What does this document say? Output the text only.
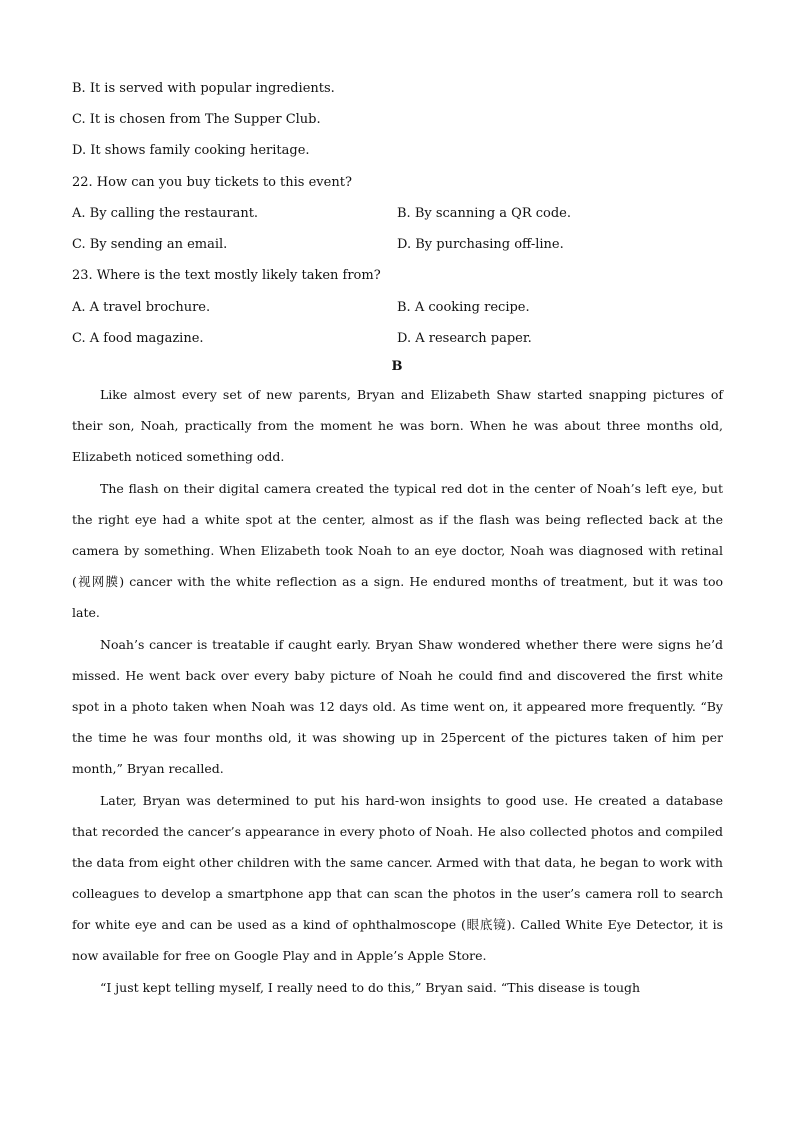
B. It is served with popular ingredients.
C. It is chosen from The Supper Club.
D. It shows family cooking heritage.
22. How can you buy tickets to this event?
A. By calling the restaurant.	B. By scanning a QR code.
C. By sending an email.	D. By purchasing off-line.
23. Where is the text mostly likely taken from?
A. A travel brochure.	B. A cooking recipe.
C. A food magazine.	D. A research paper.
B

Like almost every set of new parents, Bryan and Elizabeth Shaw started snapping pictures of their son, Noah, practically from the moment he was born. When he was about three months old, Elizabeth noticed something odd.

The flash on their digital camera created the typical red dot in the center of Noah’s left eye, but the right eye had a white spot at the center, almost as if the flash was being reflected back at the camera by something. When Elizabeth took Noah to an eye doctor, Noah was diagnosed with retinal (视网膜) cancer with the white reflection as a sign. He endured months of treatment, but it was too late.

Noah’s cancer is treatable if caught early. Bryan Shaw wondered whether there were signs he’d missed. He went back over every baby picture of Noah he could find and discovered the first white spot in a photo taken when Noah was 12 days old. As time went on, it appeared more frequently. “By the time he was four months old, it was showing up in 25percent of the pictures taken of him per month,” Bryan recalled.

Later, Bryan was determined to put his hard-won insights to good use. He created a database that recorded the cancer’s appearance in every photo of Noah. He also collected photos and compiled the data from eight other children with the same cancer. Armed with that data, he began to work with colleagues to develop a smartphone app that can scan the photos in the user’s camera roll to search for white eye and can be used as a kind of ophthalmoscope (眼底镜). Called White Eye Detector, it is now available for free on Google Play and in Apple’s Apple Store.

“I just kept telling myself, I really need to do this,” Bryan said. “This disease is tough
